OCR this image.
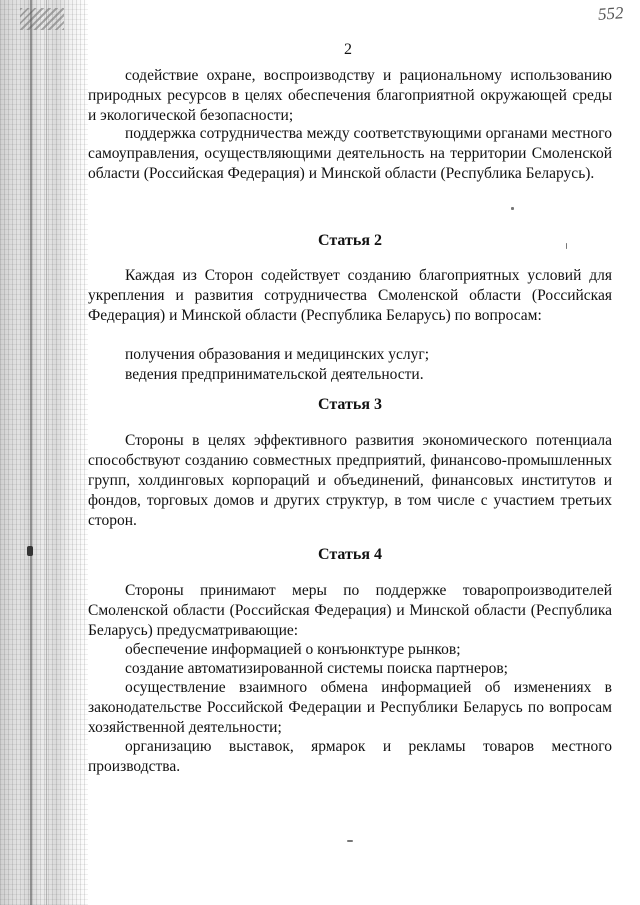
552
2

содействие охране, воспроизводству и рациональному использованию природных ресурсов в целях обеспечения благоприятной окружающей среды и экологической безопасности;

поддержка сотрудничества между соответствующими органами местного самоуправления, осуществляющими деятельность на территории Смоленской области (Российская Федерация) и Минской области (Республика Беларусь).

Статья 2

Каждая из Сторон содействует созданию благоприятных условий для укрепления и развития сотрудничества Смоленской области (Российская Федерация) и Минской области (Республика Беларусь) по вопросам:

получения образования и медицинских услуг;

ведения предпринимательской деятельности.

Статья 3

Стороны в целях эффективного развития экономического потенциала способствуют созданию совместных предприятий, финансово-промышленных групп, холдинговых корпораций и объединений, финансовых институтов и фондов, торговых домов и других структур, в том числе с участием третьих сторон.

Статья 4

Стороны принимают меры по поддержке товаропроизводителей Смоленской области (Российская Федерация) и Минской области (Республика Беларусь) предусматривающие:

обеспечение информацией о конъюнктуре рынков;

создание автоматизированной системы поиска партнеров;

осуществление взаимного обмена информацией об изменениях в законодательстве Российской Федерации и Республики Беларусь по вопросам хозяйственной деятельности;

организацию выставок, ярмарок и рекламы товаров местного производства.
